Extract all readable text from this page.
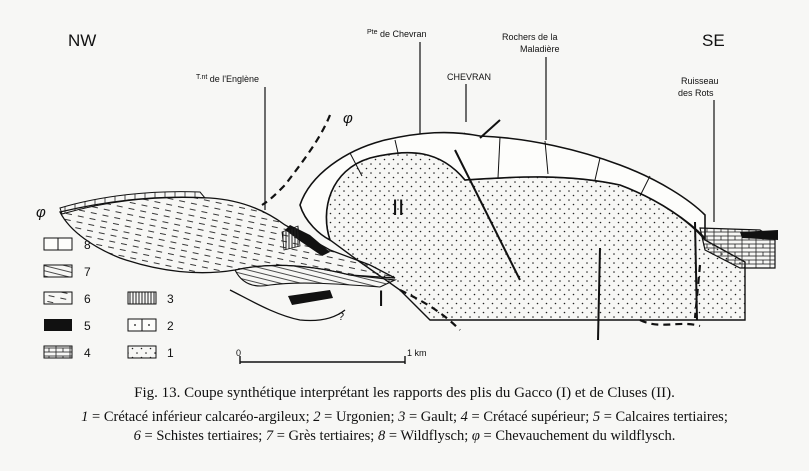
NW	SE
$^{Pte}$ de Chevran	Rochers de la
Maladière
CHEVRAN
$^{T.nt}$ de l'Englène	Ruisseau
des Rots
φ
φ	II
I
?
8
7
6
5
4
3
2
1	0	1 km
Fig. 13. Coupe synthétique interprétant les rapports des plis du Gacco (I) et de Cluses (II).
1 = Crétacé inférieur calcaréo-argileux; 2 = Urgonien; 3 = Gault; 4 = Crétacé supérieur; 5 = Calcaires tertiaires;
6 = Schistes tertiaires; 7 = Grès tertiaires; 8 = Wildflysch; φ = Chevauchement du wildflysch.
